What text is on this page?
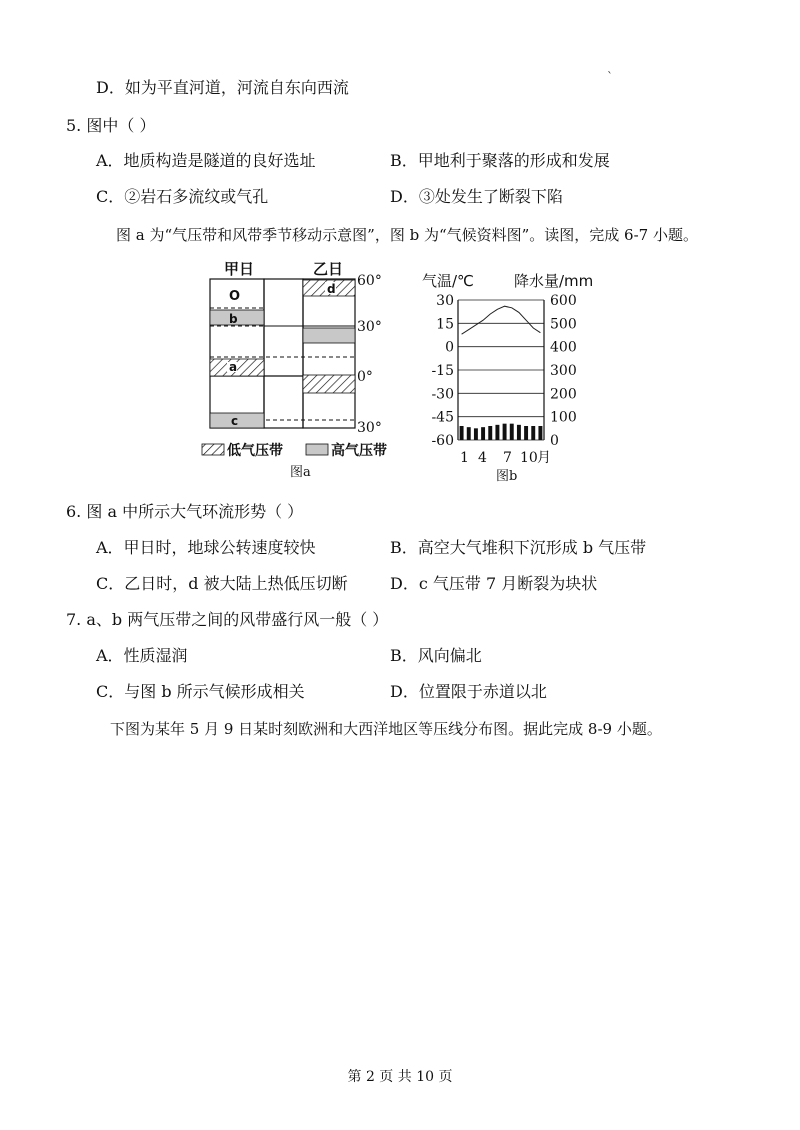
D．如为平直河道，河流自东向西流
`
5. 图中（ ）
A．地质构造是隧道的良好选址	B．甲地利于聚落的形成和发展
C．②岩石多流纹或气孔	D．③处发生了断裂下陷
图 a 为“气压带和风带季节移动示意图”，图 b 为“气候资料图”。读图，完成 6-7 小题。
甲日	乙日
O
b
a
c
d 60°
30°
0°
30°
低气压带	高气压带
图a
气温/℃	降水量/mm
30	600
15	500
0	400
-15	300
-30	200
-45	100
-60	0
1 4 7 10 月
图b
6. 图 a 中所示大气环流形势（ ）
A．甲日时，地球公转速度较快	B．高空大气堆积下沉形成 b 气压带
C．乙日时，d 被大陆上热低压切断	D．c 气压带 7 月断裂为块状
7. a、b 两气压带之间的风带盛行风一般（ ）
A．性质湿润	B．风向偏北
C．与图 b 所示气候形成相关	D．位置限于赤道以北
下图为某年 5 月 9 日某时刻欧洲和大西洋地区等压线分布图。据此完成 8-9 小题。
第 2 页 共 10 页
